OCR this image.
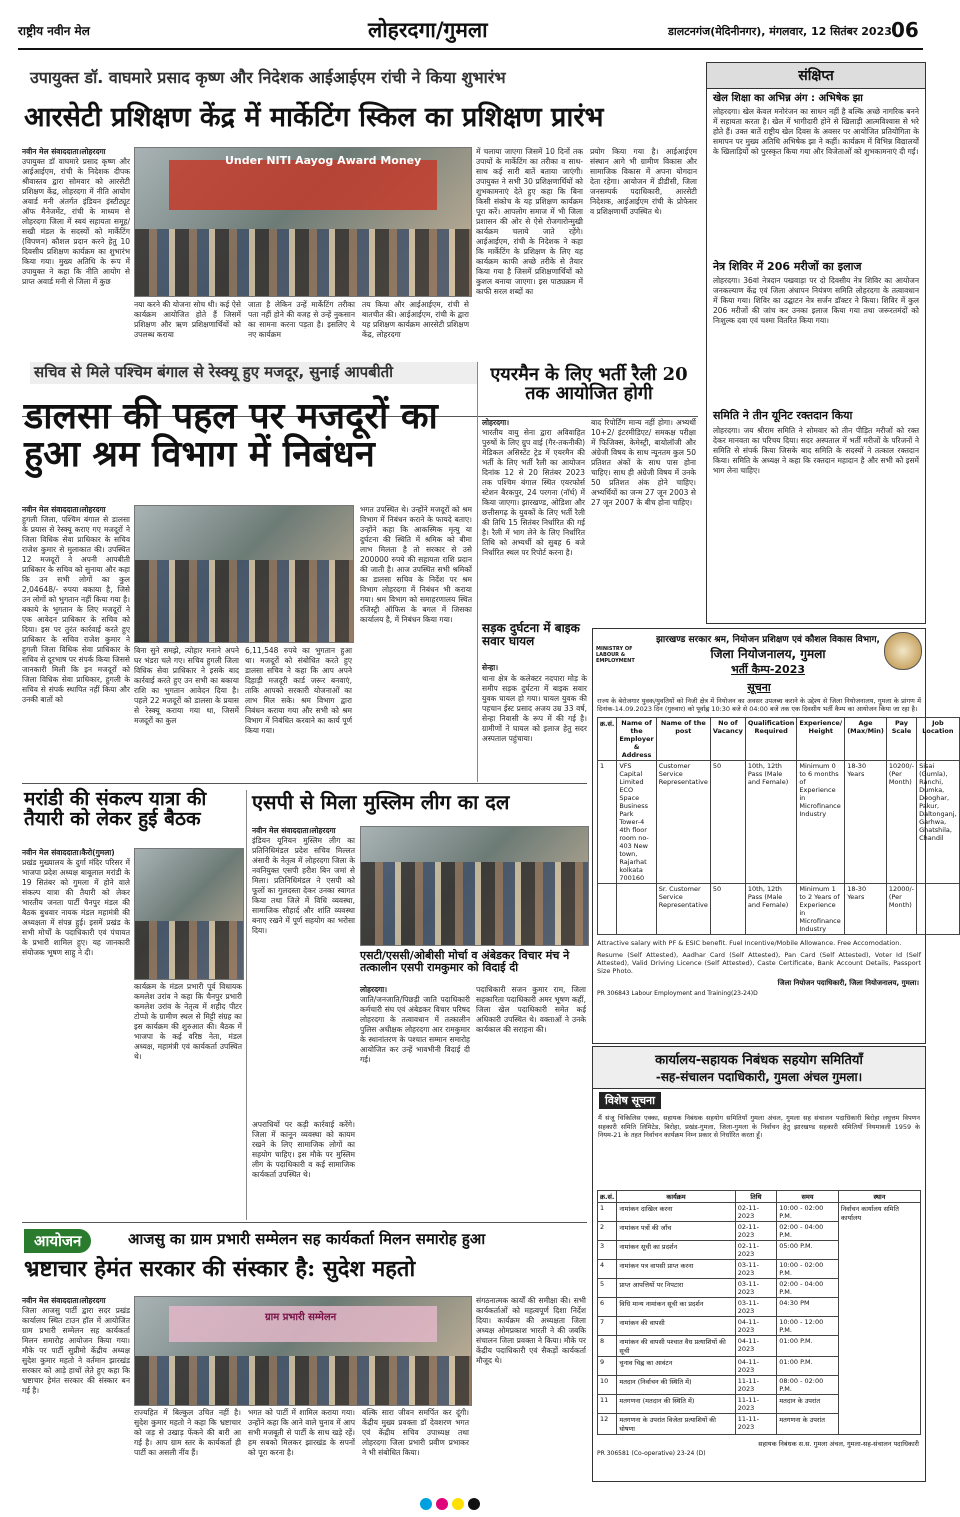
राष्ट्रीय नवीन मेल	लोहरदगा/गुमला	डालटनगंज(मेदिनीनगर), मंगलवार, 12 सितंबर 2023 06
उपायुक्त डॉ. वाघमारे प्रसाद कृष्ण और निदेशक आईआईएम रांची ने किया शुभारंभ
आरसेटी प्रशिक्षण केंद्र में मार्केटिंग स्किल का प्रशिक्षण प्रारंभ
नवीन मेल संवाददाता।लोहरदगा
उपायुक्त डॉ वाघमारे प्रसाद कृष्ण और आईआईएम, रांची के निदेशक दीपक श्रीवास्तव द्वारा सोमवार को आरसेटी प्रशिक्षण केंद्र, लोहरदगा में नीति आयोग अवार्ड मनी अंतर्गत इंडियन इंस्टीट्यूट ऑफ मैनेजमेंट, रांची के माध्यम से लोहरदगा जिला में स्वयं सहायता समूह/सखी मंडल के सदस्यों को मार्केटिंग (विपणन) कौशल प्रदान करने हेतु 10 दिवसीय प्रशिक्षण कार्यक्रम का शुभारंभ किया गया। मुख्य अतिथि के रूप में उपायुक्त ने कहा कि नीति आयोग से प्राप्त अवार्ड मनी से जिला में कुछ
Under NITI Aayog Award Money
नया करने की योजना सोच थी। कई ऐसे कार्यक्रम आयोजित होते हैं जिसमें प्रशिक्षण और ऋण प्रशिक्षणार्थियों को उपलब्ध कराया
जाता है लेकिन उन्हें मार्केटिंग तरीका पता नहीं होने की वजह से उन्हें नुकसान का सामना करना पड़ता है। इसलिए ये नए कार्यक्रम
तय किया और आईआईएम, रांची से बातचीत की। आईआईएम, रांची के द्वारा यह प्रशिक्षण कार्यक्रम आरसेटी प्रशिक्षण केंद्र, लोहरदगा
में चलाया जाएगा जिसमें 10 दिनों तक उपायों के मार्केटिंग का तरीका व साथ-साथ कई सारी बातें बताया जाएंगी। उपायुक्त ने सभी 30 प्रशिक्षणार्थियों को शुभकामनाएं देते हुए कहा कि बिना किसी संकोच के यह प्रशिक्षण कार्यक्रम पूरा करें। आपलोग समाज में भी जिला प्रशासन की ओर से ऐसे रोजगारोन्मुखी कार्यक्रम चलाये जाते रहेंगे। आईआईएम, रांची के निदेशक ने कहा कि मार्केटिंग के प्रशिक्षण के लिए यह कार्यक्रम काफी अच्छे तरीके से तैयार किया गया है जिसमें प्रशिक्षणार्थियों को कुशल बनाया जाएगा। इस पाठ्यक्रम में काफी सरल शब्दों का
प्रयोग किया गया है। आईआईएम संस्थान आगे भी ग्रामीण विकास और सामाजिक विकास में अपना योगदान देता रहेगा। आयोजन में डीडीसी, जिला जनसम्पर्क पदाधिकारी, आरसेटी निदेशक, आईआईएम रांची के प्रोफेसर व प्रशिक्षणार्थी उपस्थित थे।
सचिव से मिले पश्चिम बंगाल से रेस्क्यू हुए मजदूर, सुनाई आपबीती
डालसा की पहल पर मजदूरों का हुआ श्रम विभाग में निबंधन
नवीन मेल संवाददाता।लोहरदगा
हुगली जिला, पश्चिम बंगाल से डालसा के प्रयास से रेस्क्यू कराए गए मजदूरों ने जिला विधिक सेवा प्राधिकार के सचिव राजेश कुमार से मुलाकात की। उपस्थित 12 मजदूरों ने अपनी आपबीती प्राधिकार के सचिव को सुनाया और कहा कि उन सभी लोगों का कुल 2,04648/- रुपया बकाया है, जिसे उन लोगों को भुगतान नहीं किया गया है। बकाये के भुगतान के लिए मजदूरों ने एक आवेदन प्राधिकार के सचिव को दिया। इस पर तुरंत कार्रवाई करते हुए प्राधिकार के सचिव राजेश कुमार ने हुगली जिला विधिक सेवा प्राधिकार के सचिव से दूरभाष पर संपर्क किया जिससे जानकारी मिली कि इन मजदूरों को जिला विधिक सेवा प्राधिकार, हुगली के सचिव से संपर्क स्थापित नहीं किया और उनकी बातों को
बिना सुने समझे, त्योहार मनाने अपने घर भंडरा चले गए। सचिव हुगली जिला विधिक सेवा प्राधिकार ने इसके बाद कार्रवाई करते हुए उन सभी का बकाया राशि का भुगतान आवेदन दिया है। पहले 22 मजदूरों को डालसा के प्रयास से रेस्क्यू कराया गया था, जिसमें मजदूरों का कुल
6,11,548 रुपये का भुगतान हुआ था। मजदूरों को संबोधित करते हुए डालसा सचिव ने कहा कि आप अपने दिहाड़ी मजदूरी कार्ड जरूर बनवाएं, ताकि आपको सरकारी योजनाओं का लाभ मिल सके। श्रम विभाग द्वारा निबंधन कराया गया और सभी को श्रम विभाग में निबंधित करवाने का कार्य पूर्ण किया गया।
भगत उपस्थित थे। उन्होंने मजदूरों को श्रम विभाग में निबंधन कराने के फायदे बताए। उन्होंने कहा कि आकस्मिक मृत्यु या दुर्घटना की स्थिति में श्रमिक को बीमा लाभ मिलता है तो सरकार से उसे 200000 रुपये की सहायता राशि प्रदान की जाती है। आज उपस्थित सभी श्रमिकों का डालसा सचिव के निर्देश पर श्रम विभाग लोहरदगा में निबंधन भी कराया गया। श्रम विभाग को समाहरणालय स्थित रजिस्ट्री ऑफिस के बगल में जिसका कार्यालय है, में निबंधन किया गया।
एयरमैन के लिए भर्ती रैली 20 तक आयोजित होगी
लोहरदगा।
भारतीय वायु सेना द्वारा अविवाहित पुरुषों के लिए ग्रुप वाई (गैर-तकनीकी) मेडिकल असिस्टेंट ट्रेड में एयरमैन की भर्ती के लिए भर्ती रैली का आयोजन दिनांक 12 से 20 सितंबर 2023 तक पश्चिम बंगाल स्थित एयरफोर्स स्टेशन बैरकपुर, 24 परगना (नॉर्थ) में किया जाएगा। झारखण्ड, ओडिशा और छत्तीसगढ़ के युवकों के लिए भर्ती रैली की तिथि 15 सितंबर निर्धारित की गई है। रैली में भाग लेने के लिए निर्धारित तिथि को अभ्यर्थी को सुबह 6 बजे निर्धारित स्थल पर रिपोर्ट करना है।
बाद रिपोर्टिंग मान्य नहीं होगा। अभ्यर्थी 10+2/ इंटरमीडिएट/ समकक्ष परीक्षा में फिजिक्स, केमेस्ट्री, बायोलॉजी और अंग्रेजी विषय के साथ न्यूनतम कुल 50 प्रतिशत अंकों के साथ पास होना चाहिए। साथ ही अंग्रेजी विषय में उनके 50 प्रतिशत अंक होने चाहिए। अभ्यर्थियों का जन्म 27 जून 2003 से 27 जून 2007 के बीच होना चाहिए।
सड़क दुर्घटना में बाइक सवार घायल
सेन्हा।
थाना क्षेत्र के कलेक्टर नदपारा मोड़ के समीप सड़क दुर्घटना में बाइक सवार युवक घायल हो गया। घायल युवक की पहचान ईस्ट प्रसाद अजय उम्र 33 वर्ष, सेन्हा निवासी के रूप में की गई है। ग्रामीणों ने घायल को इलाज हेतु सदर अस्पताल पहुंचाया।
मरांडी की संकल्प यात्रा की तैयारी को लेकर हुई बैठक
नवीन मेल संवाददाता।कैरो(गुमला)
प्रखंड मुख्यालय के दुर्गा मंदिर परिसर में भाजपा प्रदेश अध्यक्ष बाबूलाल मरांडी के 19 सितंबर को गुमला में होने वाले संकल्प यात्रा की तैयारी को लेकर भारतीय जनता पार्टी चैनपुर मंडल की बैठक बुधवार नायक मंडल महामंत्री की अध्यक्षता में संपन्न हुई। इसमें प्रखंड के सभी मोर्चों के पदाधिकारी एवं पंचायत के प्रभारी शामिल हुए। यह जानकारी संयोजक भूषण साहु ने दी।
कार्यक्रम के मंडल प्रभारी पूर्व विधायक कमलेश उरांव ने कहा कि चैनपुर प्रभारी कमलेश उरांव के नेतृत्व में शहीद पीटर टोप्पो के ग्रामीण स्थल से मिट्टी संग्रह का इस कार्यक्रम की शुरुआत की। बैठक में भाजपा के कई वरिष्ठ नेता, मंडल अध्यक्ष, महामंत्री एवं कार्यकर्ता उपस्थित थे।
एसपी से मिला मुस्लिम लीग का दल
नवीन मेल संवाददाता।लोहरदगा
इंडियन यूनियन मुस्लिम लीग का प्रतिनिधिमंडल प्रदेश सचिव मिल्लत अंसारी के नेतृत्व में लोहरदगा जिला के नवनियुक्त एसपी हरीश बिन जमां से मिला। प्रतिनिधिमंडल ने एसपी को फूलों का गुलदस्ता देकर उनका स्वागत किया तथा जिले में विधि व्यवस्था, सामाजिक सौहार्द और शांति व्यवस्था बनाए रखने में पूर्ण सहयोग का भरोसा दिया।
एसटी/एससी/ओबीसी मोर्चा व अंबेडकर विचार मंच ने तत्कालीन एसपी रामकुमार को विदाई दी
लोहरदगा।
जाति/जनजाति/पिछड़ी जाति पदाधिकारी कर्मचारी संघ एवं अंबेडकर विचार परिषद लोहरदगा के तत्वावधान में तत्कालीन पुलिस अधीक्षक लोहरदगा आर रामकुमार के स्थानांतरण के पश्चात सम्मान समारोह आयोजित कर उन्हें भावभीनी विदाई दी गई।
पदाधिकारी सजन कुमार राम, जिला सहकारिता पदाधिकारी अमर भूषण कहीं, जिला खेल पदाधिकारी समेत कई अधिकारी उपस्थित थे। वक्ताओं ने उनके कार्यकाल की सराहना की।
अपराधियों पर कड़ी कार्रवाई करेंगे। जिला में कानून व्यवस्था को कायम रखने के लिए सामाजिक लोगों का सहयोग चाहिए। इस मौके पर मुस्लिम लीग के पदाधिकारी व कई सामाजिक कार्यकर्ता उपस्थित थे।
आयोजन	आजसु का ग्राम प्रभारी सम्मेलन सह कार्यकर्ता मिलन समारोह हुआ
भ्रष्टाचार हेमंत सरकार की संस्कार है: सुदेश महतो
नवीन मेल संवाददाता।लोहरदगा
जिला आजसु पार्टी द्वारा सदर प्रखंड कार्यालय स्थित टाउन हॉल में आयोजित ग्राम प्रभारी सम्मेलन सह कार्यकर्ता मिलन समारोह आयोजन किया गया। मौके पर पार्टी सुप्रीमो केंद्रीय अध्यक्ष सुदेश कुमार महतो ने वर्तमान झारखंड सरकार को आड़े हाथों लेते हुए कहा कि भ्रष्टाचार हेमंत सरकार की संस्कार बन गई है।
ग्राम प्रभारी सम्मेलन
राज्यहित में बिल्कुल उचित नहीं है। सुदेश कुमार महतो ने कहा कि भ्रष्टाचार को जड़ से उखाड़ फेंकने की बारी आ गई है। आप ग्राम स्तर के कार्यकर्ता ही पार्टी का असली नींव हैं।
भगत को पार्टी में शामिल कराया गया। उन्होंने कहा कि आने वाले चुनाव में आप सभी मजबूती से पार्टी के साथ खड़े रहें। हम सबको मिलकर झारखंड के सपनों को पूरा करना है।
बल्कि सारा जीवन समर्पित कर दूंगी। केंद्रीय मुख्य प्रवक्ता डॉ देवशरण भगत एवं केंद्रीय सचिव उपाध्यक्ष तथा लोहरदगा जिला प्रभारी प्रवीण प्रभाकर ने भी संबोधित किया।
संगठनात्मक कार्यों की समीक्षा की। सभी कार्यकर्ताओं को महत्वपूर्ण दिशा निर्देश दिया। कार्यक्रम की अध्यक्षता जिला अध्यक्ष ओमप्रकाश भारती ने की जबकि संचालन जिला प्रवक्ता ने किया। मौके पर केंद्रीय पदाधिकारी एवं सैकड़ों कार्यकर्ता मौजूद थे।
संक्षिप्त
खेल शिक्षा का अभिन्न अंग : अभिषेक झा
लोहरदगा। खेल केवल मनोरंजन का साधन नहीं है बल्कि अच्छे नागरिक बनने में सहायता करता है। खेल में भागीदारी होने से खिलाड़ी आत्मविश्वास से भरे होते हैं। उक्त बातें राष्ट्रीय खेल दिवस के अवसर पर आयोजित प्रतियोगिता के समापन पर मुख्य अतिथि अभिषेक झा ने कहीं। कार्यक्रम में विभिन्न विद्यालयों के खिलाड़ियों को पुरस्कृत किया गया और विजेताओं को शुभकामनाएं दी गईं।
नेत्र शिविर में 206 मरीजों का इलाज
लोहरदगा। 36वां नेत्रदान पखवाड़ा पर दो दिवसीय नेत्र शिविर का आयोजन जनकल्याण केंद्र एवं जिला अंधापन नियंत्रण समिति लोहरदगा के तत्वावधान में किया गया। शिविर का उद्घाटन नेत्र सर्जन डॉक्टर ने किया। शिविर में कुल 206 मरीजों की जांच कर उनका इलाज किया गया तथा जरूरतमंदों को निःशुल्क दवा एवं चश्मा वितरित किया गया।
समिति ने तीन यूनिट रक्तदान किया
लोहरदगा। जय श्रीराम समिति ने सोमवार को तीन पीड़ित मरीजों को रक्त देकर मानवता का परिचय दिया। सदर अस्पताल में भर्ती मरीजों के परिजनों ने समिति से संपर्क किया जिसके बाद समिति के सदस्यों ने तत्काल रक्तदान किया। समिति के अध्यक्ष ने कहा कि रक्तदान महादान है और सभी को इसमें भाग लेना चाहिए।
MINISTRY OF LABOUR & EMPLOYMENT
झारखण्ड सरकार श्रम, नियोजन प्रशिक्षण एवं कौशल विकास विभाग,
जिला नियोजनालय, गुमला
भर्ती कैम्प-2023
सूचना
राज्य के बेरोजगार युवक/युवतियों को निजी क्षेत्र में नियोजन का अवसर उपलब्ध कराने के उद्देश्य से जिला नियोजनालय, गुमला के प्रांगण में दिनांक-14.09.2023 दिन (गुरुवार) को पूर्वाह्न 10:30 बजे से 04:00 बजे तक एक दिवसीय भर्ती कैम्प का आयोजन किया जा रहा है।
क्र.सं.	Name of the Employer & Address	Name of the post	No of Vacancy	Qualification Required	Experience/ Height	Age (Max/Min)	Pay Scale	Job Location
1	VFS Capital Limited ECO Space Business Park Tower-4 4th floor room no-403 New town, Rajarhat kolkata 700160	Customer Service Representative	50	10th, 12th Pass (Male and Female)	Minimum 0 to 6 months of Experience in Microfinance Industry	18-30 Years	10200/- (Per Month)	Sisai (Gumla), Ranchi, Dumka, Deoghar, Pakur, Daltonganj, Garhwa, Ghatshila, Chandil
		Sr. Customer Service Representative	50	10th, 12th Pass (Male and Female)	Minimum 1 to 2 Years of Experience in Microfinance Industry	18-30 Years	12000/- (Per Month)	
Attractive salary with PF & ESIC benefit. Fuel Incentive/Mobile Allowance. Free Accomodation.
Resume (Self Attested), Aadhar Card (Self Attested), Pan Card (Self Attested), Voter Id (Self Attested), Valid Driving Licence (Self Attested), Caste Certificate, Bank Account Details, Passport Size Photo.
जिला नियोजन पदाधिकारी, जिला नियोजनालय, गुमला।
PR 306843 Labour Employment and Training(23-24)D
कार्यालय-सहायक निबंधक सहयोग समितियाँ
-सह-संचालन पदाधिकारी, गुमला अंचल गुमला।
विशेष सूचना
मैं संजू चिकिलिस एक्का, सहायक निबंधक सहयोग समितियाँ गुमला अंचल, गुमला सह संचालन पदाधिकारी बिरोहा लघुत्तम विपणन सहकारी समिति लिमिटेड, बिरोहा, प्रखंड-गुमला, जिला-गुमला के निर्वाचन हेतु झारखण्ड सहकारी समितियाँ नियमावली 1959 के नियम-21 के तहत निर्वाचन कार्यक्रम निम्न प्रकार से निर्धारित करता हूँ।
क्र.सं.	कार्यक्रम	तिथि	समय	स्थान
1	नामांकन दाखिल करना	02-11-2023	10:00 - 02:00 P.M.	निर्वाचन कार्यालय समिति कार्यालय
2	नामांकन पत्रों की जाँच	02-11-2023	02:00 - 04:00 P.M.	
3	नामांकन सूची का प्रदर्शन	02-11-2023	05:00 P.M.	
4	नामांकन पत्र वापसी प्राप्त करना	03-11-2023	10:00 - 02:00 P.M.	
5	प्राप्त आपत्तियों पर निपटारा	03-11-2023	02:00 - 04:00 P.M.	
6	विधि मान्य नामांकन सूची का प्रदर्शन	03-11-2023	04:30 PM	
7	नामांकन की वापसी	04-11-2023	10:00 - 12:00 P.M.	
8	नामांकन की वापसी पश्चात वैध प्रत्याशियों की सूची	04-11-2023	01:00 P.M.	
9	चुनाव चिह्न का आवंटन	04-11-2023	01:00 P.M.	
10	मतदान (निर्वाचन की स्थिति में)	11-11-2023	08:00 - 02:00 P.M.	
11	मतगणना (मतदान की स्थिति में)	11-11-2023	मतदान के उपरांत	
12	मतगणना के उपरांत विजेता प्रत्याशियों की घोषणा	11-11-2023	मतगणना के उपरांत	
सहायक निबंधक स.स. गुमला अंचल, गुमला-सह-संचालन पदाधिकारी
PR 306581 (Co-operative) 23-24 (D)
